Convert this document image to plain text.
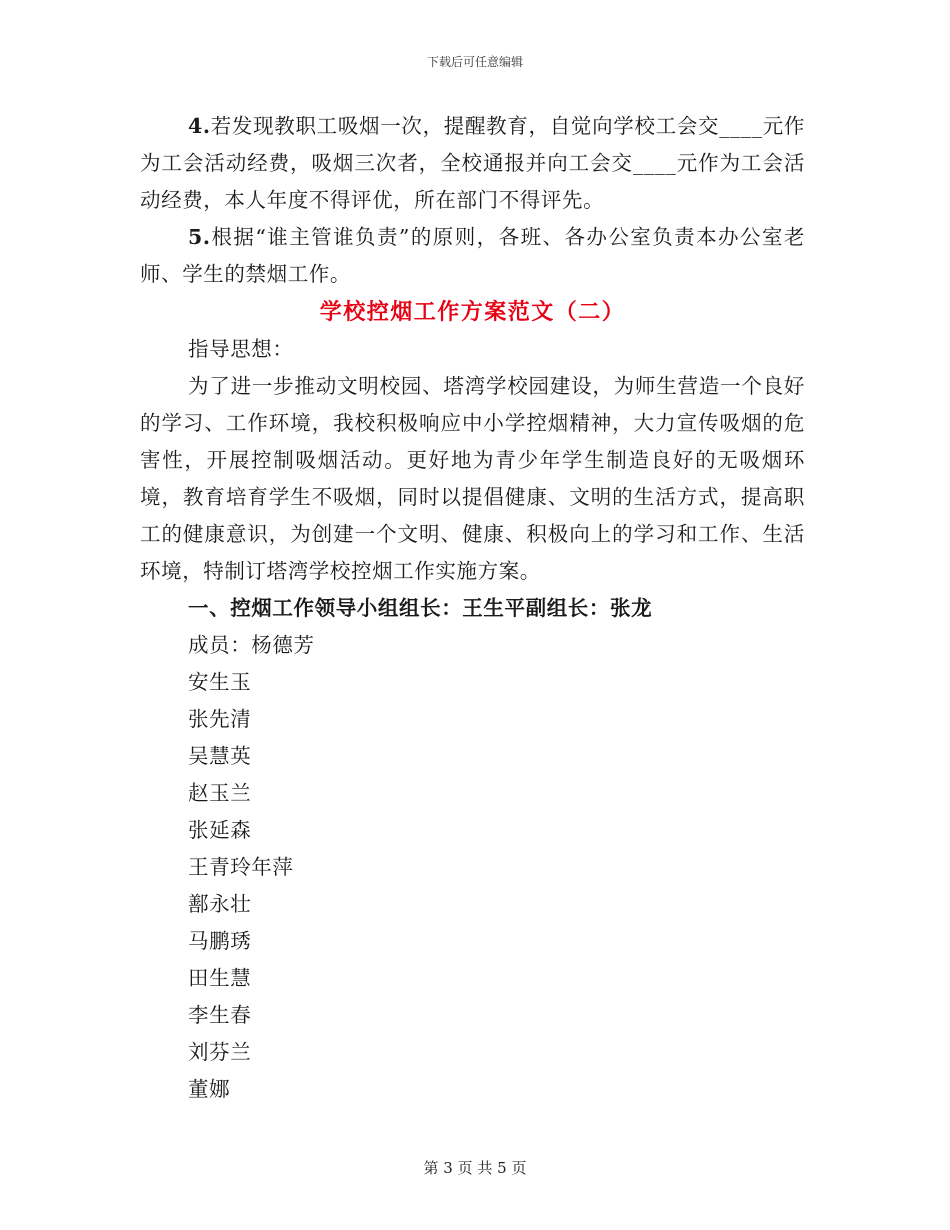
下载后可任意编辑

4.若发现教职工吸烟一次，提醒教育，自觉向学校工会交____元作为工会活动经费，吸烟三次者，全校通报并向工会交____元作为工会活动经费，本人年度不得评优，所在部门不得评先。

5.根据“谁主管谁负责”的原则，各班、各办公室负责本办公室老师、学生的禁烟工作。

学校控烟工作方案范文（二）

指导思想：

为了进一步推动文明校园、塔湾学校园建设，为师生营造一个良好的学习、工作环境，我校积极响应中小学控烟精神，大力宣传吸烟的危害性，开展控制吸烟活动。更好地为青少年学生制造良好的无吸烟环境，教育培育学生不吸烟，同时以提倡健康、文明的生活方式，提高职工的健康意识，为创建一个文明、健康、积极向上的学习和工作、生活环境，特制订塔湾学校控烟工作实施方案。

一、控烟工作领导小组组长：王生平副组长：张龙

成员：杨德芳
安生玉
张先清
吴慧英
赵玉兰
张延森
王青玲年萍
鄯永壮
马鹏琇
田生慧
李生春
刘芬兰
董娜
第 3 页 共 5 页
